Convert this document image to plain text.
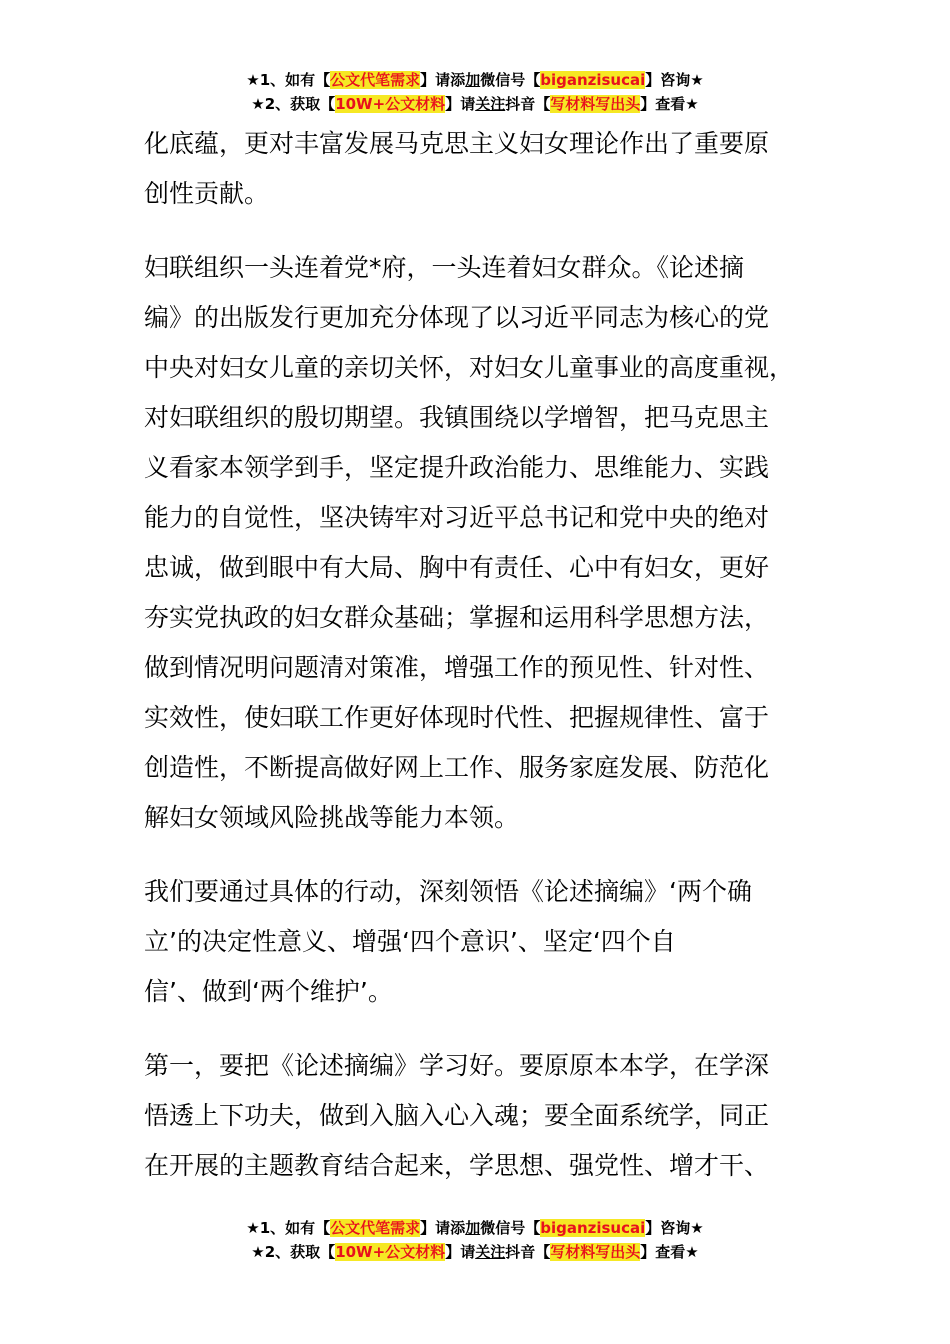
★1、如有【公文代笔需求】请添加微信号【biganzisucai】咨询★
★2、获取【10W+公文材料】请关注抖音【写材料写出头】查看★
化底蕴，更对丰富发展马克思主义妇女理论作出了重要原
创性贡献。
妇联组织一头连着党*府，一头连着妇女群众。《论述摘
编》的出版发行更加充分体现了以习近平同志为核心的党
中央对妇女儿童的亲切关怀，对妇女儿童事业的高度重视，
对妇联组织的殷切期望。我镇围绕以学增智，把马克思主
义看家本领学到手，坚定提升政治能力、思维能力、实践
能力的自觉性，坚决铸牢对习近平总书记和党中央的绝对
忠诚，做到眼中有大局、胸中有责任、心中有妇女，更好
夯实党执政的妇女群众基础；掌握和运用科学思想方法，
做到情况明问题清对策准，增强工作的预见性、针对性、
实效性，使妇联工作更好体现时代性、把握规律性、富于
创造性，不断提高做好网上工作、服务家庭发展、防范化
解妇女领域风险挑战等能力本领。
我们要通过具体的行动，深刻领悟《论述摘编》‘两个确
立’的决定性意义、增强‘四个意识’、坚定‘四个自
信’、做到‘两个维护’。
第一，要把《论述摘编》学习好。要原原本本学，在学深
悟透上下功夫，做到入脑入心入魂；要全面系统学，同正
在开展的主题教育结合起来，学思想、强党性、增才干、
★1、如有【公文代笔需求】请添加微信号【biganzisucai】咨询★
★2、获取【10W+公文材料】请关注抖音【写材料写出头】查看★
